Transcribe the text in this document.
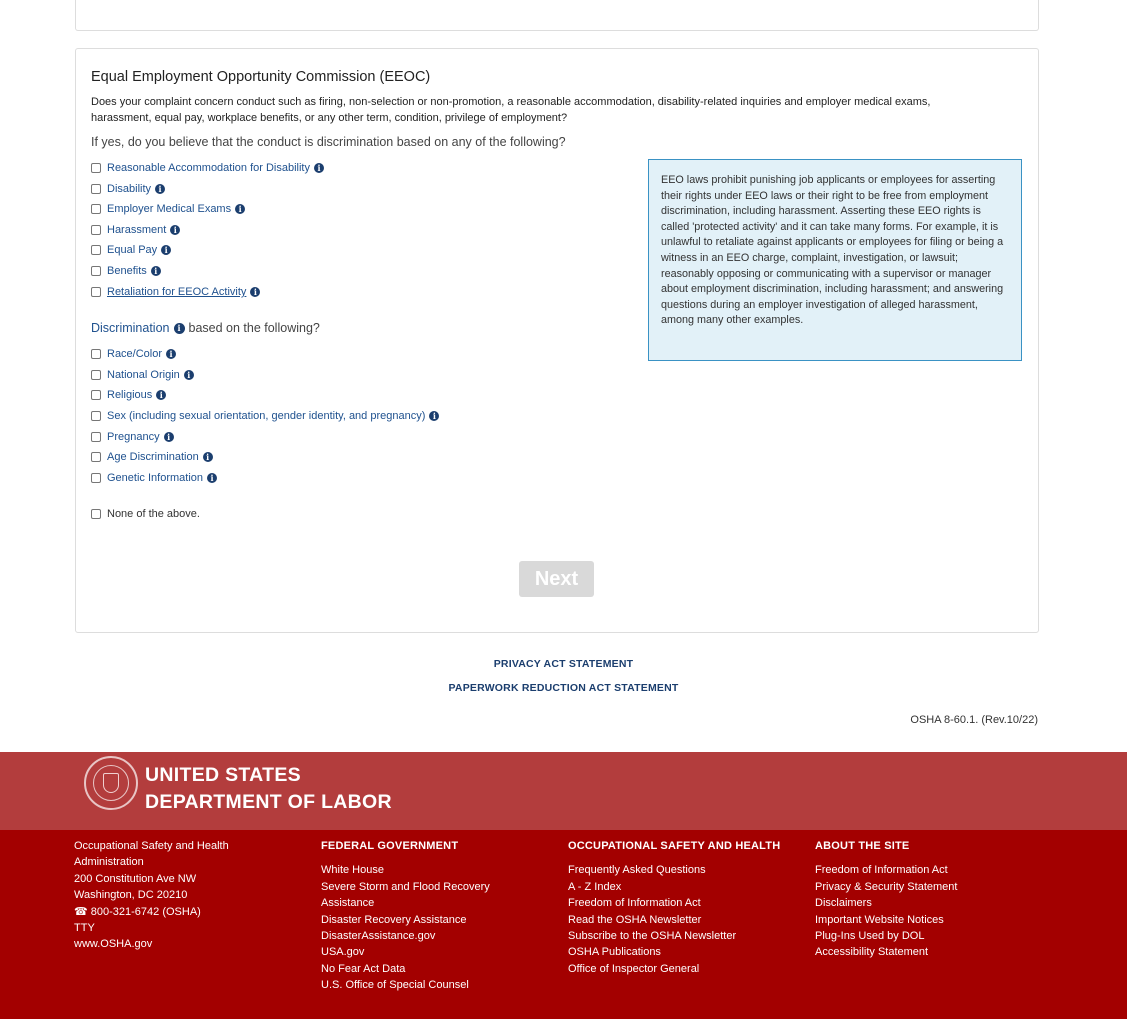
Equal Employment Opportunity Commission (EEOC)
Does your complaint concern conduct such as firing, non-selection or non-promotion, a reasonable accommodation, disability-related inquiries and employer medical exams, harassment, equal pay, workplace benefits, or any other term, condition, privilege of employment?
If yes, do you believe that the conduct is discrimination based on any of the following?
Reasonable Accommodation for Disability i
Disability i
Employer Medical Exams i
Harassment i
Equal Pay i
Benefits i
Retaliation for EEOC Activity i
Discrimination i based on the following?
Race/Color i
National Origin i
Religious i
Sex (including sexual orientation, gender identity, and pregnancy) i
Pregnancy i
Age Discrimination i
Genetic Information i
None of the above.
EEO laws prohibit punishing job applicants or employees for asserting their rights under EEO laws or their right to be free from employment discrimination, including harassment. Asserting these EEO rights is called 'protected activity' and it can take many forms. For example, it is unlawful to retaliate against applicants or employees for filing or being a witness in an EEO charge, complaint, investigation, or lawsuit; reasonably opposing or communicating with a supervisor or manager about employment discrimination, including harassment; and answering questions during an employer investigation of alleged harassment, among many other examples.
Next
PRIVACY ACT STATEMENT
PAPERWORK REDUCTION ACT STATEMENT
OSHA 8-60.1. (Rev.10/22)
UNITED STATES
DEPARTMENT OF LABOR
Occupational Safety and Health
Administration
200 Constitution Ave NW
Washington, DC 20210
☎ 800-321-6742 (OSHA)
TTY
www.OSHA.gov
FEDERAL GOVERNMENT
White House
Severe Storm and Flood Recovery
Assistance
Disaster Recovery Assistance
DisasterAssistance.gov
USA.gov
No Fear Act Data
U.S. Office of Special Counsel
OCCUPATIONAL SAFETY AND HEALTH
Frequently Asked Questions
A - Z Index
Freedom of Information Act
Read the OSHA Newsletter
Subscribe to the OSHA Newsletter
OSHA Publications
Office of Inspector General
ABOUT THE SITE
Freedom of Information Act
Privacy & Security Statement
Disclaimers
Important Website Notices
Plug-Ins Used by DOL
Accessibility Statement
